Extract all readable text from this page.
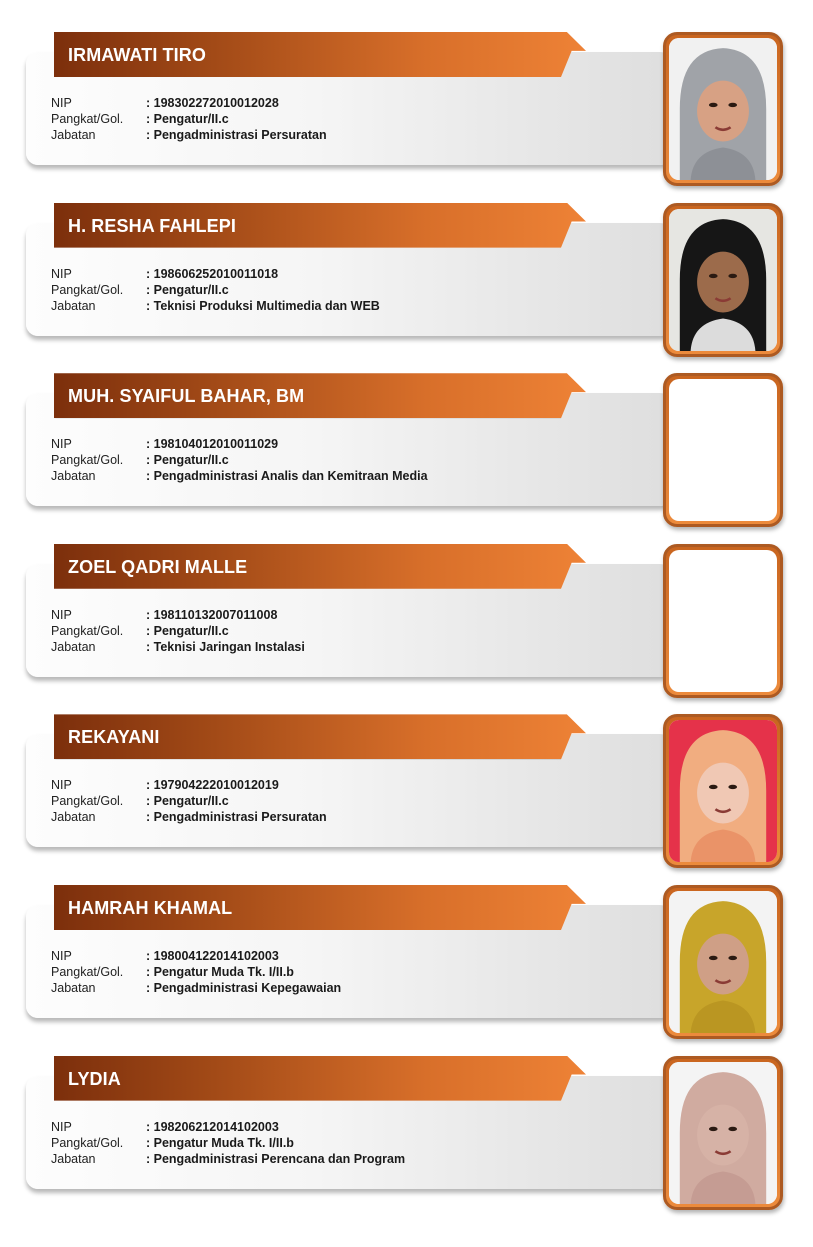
IRMAWATI TIRO
NIP	: 198302272010012028
Pangkat/Gol. : Pengatur/II.c
Jabatan	: Pengadministrasi Persuratan
H. RESHA FAHLEPI
NIP	: 198606252010011018
Pangkat/Gol. : Pengatur/II.c
Jabatan	: Teknisi Produksi Multimedia dan WEB
MUH. SYAIFUL BAHAR, BM
NIP	: 198104012010011029
Pangkat/Gol. : Pengatur/II.c
Jabatan	: Pengadministrasi Analis dan Kemitraan Media
ZOEL QADRI MALLE
NIP	: 198110132007011008
Pangkat/Gol. : Pengatur/II.c
Jabatan	: Teknisi Jaringan Instalasi
REKAYANI
NIP	: 197904222010012019
Pangkat/Gol. : Pengatur/II.c
Jabatan	: Pengadministrasi Persuratan
HAMRAH KHAMAL
NIP	: 198004122014102003
Pangkat/Gol. : Pengatur Muda Tk. I/II.b
Jabatan	: Pengadministrasi Kepegawaian
LYDIA
NIP	: 198206212014102003
Pangkat/Gol. : Pengatur Muda Tk. I/II.b
Jabatan	: Pengadministrasi Perencana dan Program
